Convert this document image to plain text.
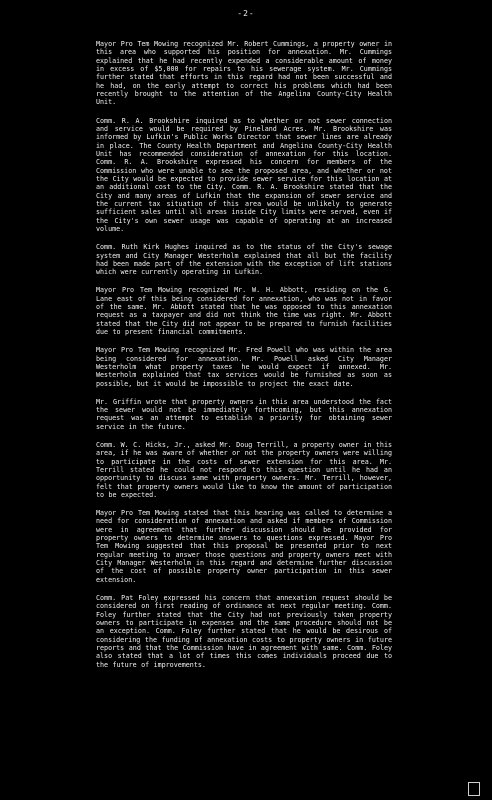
-2-

Mayor Pro Tem Mowing recognized Mr. Robert Cummings, a property owner in this area who supported his position for annexation. Mr. Cummings explained that he had recently expended a considerable amount of money in excess of $5,000 for repairs to his sewerage system. Mr. Cummings further stated that efforts in this regard had not been successful and he had, on the early attempt to correct his problems which had been recently brought to the attention of the Angelina County-City Health Unit.

Comm. R. A. Brookshire inquired as to whether or not sewer connection and service would be required by Pineland Acres. Mr. Brookshire was informed by Lufkin's Public Works Director that sewer lines are already in place. The County Health Department and Angelina County-City Health Unit has recommended consideration of annexation for this location. Comm. R. A. Brookshire expressed his concern for members of the Commission who were unable to see the proposed area, and whether or not the City would be expected to provide sewer service for this location at an additional cost to the City. Comm. R. A. Brookshire stated that the City and many areas of Lufkin that the expansion of sewer service and the current tax situation of this area would be unlikely to generate sufficient sales until all areas inside City limits were served, even if the City's own sewer usage was capable of operating at an increased volume.

Comm. Ruth Kirk Hughes inquired as to the status of the City's sewage system and City Manager Westerholm explained that all but the facility had been made part of the extension with the exception of lift stations which were currently operating in Lufkin.

Mayor Pro Tem Mowing recognized Mr. W. H. Abbott, residing on the G. Lane east of this being considered for annexation, who was not in favor of the same. Mr. Abbott stated that he was opposed to this annexation request as a taxpayer and did not think the time was right. Mr. Abbott stated that the City did not appear to be prepared to furnish facilities due to present financial commitments.

Mayor Pro Tem Mowing recognized Mr. Fred Powell who was within the area being considered for annexation. Mr. Powell asked City Manager Westerholm what property taxes he would expect if annexed. Mr. Westerholm explained that tax services would be furnished as soon as possible, but it would be impossible to project the exact date.

Mr. Griffin wrote that property owners in this area understood the fact the sewer would not be immediately forthcoming, but this annexation request was an attempt to establish a priority for obtaining sewer service in the future.

Comm. W. C. Hicks, Jr., asked Mr. Doug Terrill, a property owner in this area, if he was aware of whether or not the property owners were willing to participate in the costs of sewer extension for this area. Mr. Terrill stated he could not respond to this question until he had an opportunity to discuss same with property owners. Mr. Terrill, however, felt that property owners would like to know the amount of participation to be expected.

Mayor Pro Tem Mowing stated that this hearing was called to determine a need for consideration of annexation and asked if members of Commission were in agreement that further discussion should be provided for property owners to determine answers to questions expressed. Mayor Pro Tem Mowing suggested that this proposal be presented prior to next regular meeting to answer those questions and property owners meet with City Manager Westerholm in this regard and determine further discussion of the cost of possible property owner participation in this sewer extension.

Comm. Pat Foley expressed his concern that annexation request should be considered on first reading of ordinance at next regular meeting. Comm. Foley further stated that the City had not previously taken property owners to participate in expenses and the same procedure should not be an exception. Comm. Foley further stated that he would be desirous of considering the funding of annexation costs to property owners in future reports and that the Commission have in agreement with same. Comm. Foley also stated that a lot of times this comes individuals proceed due to the future of improvements.
